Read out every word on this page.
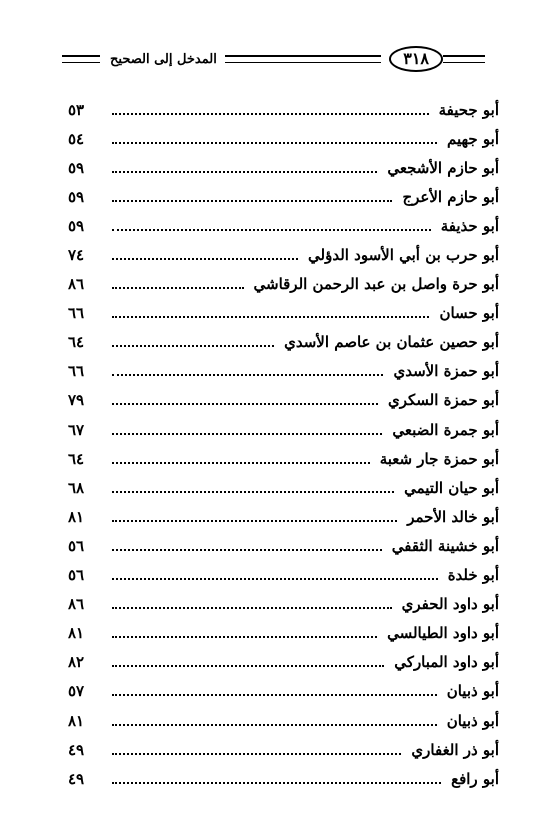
٣١٨
المدخل إلى الصحيح
أبو جحيفة
٥٣
أبو جهيم
٥٤
أبو حازم الأشجعي
٥٩
أبو حازم الأعرج
٥٩
أبو حذيفة
٥٩
أبو حرب بن أبي الأسود الدؤلي
٧٤
أبو حرة واصل بن عبد الرحمن الرقاشي
٨٦
أبو حسان
٦٦
أبو حصين عثمان بن عاصم الأسدي
٦٤
أبو حمزة الأسدي
٦٦
أبو حمزة السكري
٧٩
أبو جمرة الضبعي
٦٧
أبو حمزة جار شعبة
٦٤
أبو حيان التيمي
٦٨
أبو خالد الأحمر
٨١
أبو خشينة الثقفي
٥٦
أبو خلدة
٥٦
أبو داود الحفري
٨٦
أبو داود الطيالسي
٨١
أبو داود المباركي
٨٢
أبو ذبيان
٥٧
أبو ذبيان
٨١
أبو ذر الغفاري
٤٩
أبو رافع
٤٩
